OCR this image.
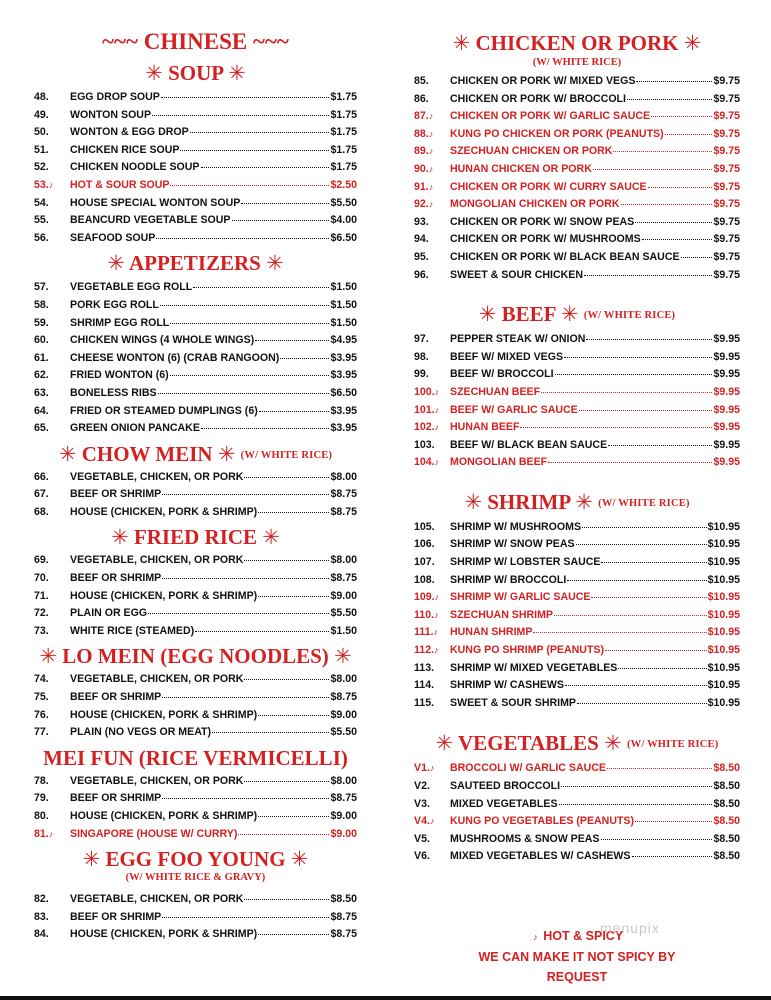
~~~ CHINESE ~~~
✳ SOUP ✳
48.	EGG DROP SOUP	$1.75
49.	WONTON SOUP	$1.75
50.	WONTON & EGG DROP	$1.75
51.	CHICKEN RICE SOUP	$1.75
52.	CHICKEN NOODLE SOUP	$1.75
53.♪	HOT & SOUR SOUP	$2.50
54.	HOUSE SPECIAL WONTON SOUP	$5.50
55.	BEANCURD VEGETABLE SOUP	$4.00
56.	SEAFOOD SOUP	$6.50
✳ APPETIZERS ✳
57.	VEGETABLE EGG ROLL	$1.50
58.	PORK EGG ROLL	$1.50
59.	SHRIMP EGG ROLL	$1.50
60.	CHICKEN WINGS (4 WHOLE WINGS)	$4.95
61.	CHEESE WONTON (6) (CRAB RANGOON)	$3.95
62.	FRIED WONTON (6)	$3.95
63.	BONELESS RIBS	$6.50
64.	FRIED OR STEAMED DUMPLINGS (6)	$3.95
65.	GREEN ONION PANCAKE	$3.95
✳ CHOW MEIN ✳ (W/ WHITE RICE)
66.	VEGETABLE, CHICKEN, OR PORK	$8.00
67.	BEEF OR SHRIMP	$8.75
68.	HOUSE (CHICKEN, PORK & SHRIMP)	$8.75
✳ FRIED RICE ✳
69.	VEGETABLE, CHICKEN, OR PORK	$8.00
70.	BEEF OR SHRIMP	$8.75
71.	HOUSE (CHICKEN, PORK & SHRIMP)	$9.00
72.	PLAIN OR EGG	$5.50
73.	WHITE RICE (STEAMED)	$1.50
✳ LO MEIN (EGG NOODLES) ✳
74.	VEGETABLE, CHICKEN, OR PORK	$8.00
75.	BEEF OR SHRIMP	$8.75
76.	HOUSE (CHICKEN, PORK & SHRIMP)	$9.00
77.	PLAIN (NO VEGS OR MEAT)	$5.50
MEI FUN (RICE VERMICELLI)
78.	VEGETABLE, CHICKEN, OR PORK	$8.00
79.	BEEF OR SHRIMP	$8.75
80.	HOUSE (CHICKEN, PORK & SHRIMP)	$9.00
81.♪	SINGAPORE (HOUSE W/ CURRY)	$9.00
✳ EGG FOO YOUNG ✳
(W/ WHITE RICE & GRAVY)
82.	VEGETABLE, CHICKEN, OR PORK	$8.50
83.	BEEF OR SHRIMP	$8.75
84.	HOUSE (CHICKEN, PORK & SHRIMP)	$8.75
✳ CHICKEN OR PORK ✳
(W/ WHITE RICE)
85.	CHICKEN OR PORK W/ MIXED VEGS	$9.75
86.	CHICKEN OR PORK W/ BROCCOLI	$9.75
87.♪	CHICKEN OR PORK W/ GARLIC SAUCE	$9.75
88.♪	KUNG PO CHICKEN OR PORK (PEANUTS)	$9.75
89.♪	SZECHUAN CHICKEN OR PORK	$9.75
90.♪	HUNAN CHICKEN OR PORK	$9.75
91.♪	CHICKEN OR PORK W/ CURRY SAUCE	$9.75
92.♪	MONGOLIAN CHICKEN OR PORK	$9.75
93.	CHICKEN OR PORK W/ SNOW PEAS	$9.75
94.	CHICKEN OR PORK W/ MUSHROOMS	$9.75
95.	CHICKEN OR PORK W/ BLACK BEAN SAUCE	$9.75
96.	SWEET & SOUR CHICKEN	$9.75
✳ BEEF ✳ (W/ WHITE RICE)
97.	PEPPER STEAK W/ ONION	$9.95
98.	BEEF W/ MIXED VEGS	$9.95
99.	BEEF W/ BROCCOLI	$9.95
100.♪	SZECHUAN BEEF	$9.95
101.♪	BEEF W/ GARLIC SAUCE	$9.95
102.♪	HUNAN BEEF	$9.95
103.	BEEF W/ BLACK BEAN SAUCE	$9.95
104.♪	MONGOLIAN BEEF	$9.95
✳ SHRIMP ✳ (W/ WHITE RICE)
105.	SHRIMP W/ MUSHROOMS	$10.95
106.	SHRIMP W/ SNOW PEAS	$10.95
107.	SHRIMP W/ LOBSTER SAUCE	$10.95
108.	SHRIMP W/ BROCCOLI	$10.95
109.♪	SHRIMP W/ GARLIC SAUCE	$10.95
110.♪	SZECHUAN SHRIMP	$10.95
111.♪	HUNAN SHRIMP	$10.95
112.♪	KUNG PO SHRIMP (PEANUTS)	$10.95
113.	SHRIMP W/ MIXED VEGETABLES	$10.95
114.	SHRIMP W/ CASHEWS	$10.95
115.	SWEET & SOUR SHRIMP	$10.95
✳ VEGETABLES ✳ (W/ WHITE RICE)
V1.♪	BROCCOLI W/ GARLIC SAUCE	$8.50
V2.	SAUTEED BROCCOLI	$8.50
V3.	MIXED VEGETABLES	$8.50
V4.♪	KUNG PO VEGETABLES (PEANUTS)	$8.50
V5.	MUSHROOMS & SNOW PEAS	$8.50
V6.	MIXED VEGETABLES W/ CASHEWS	$8.50
♪ HOT & SPICY
WE CAN MAKE IT NOT SPICY BY REQUEST
menupix
